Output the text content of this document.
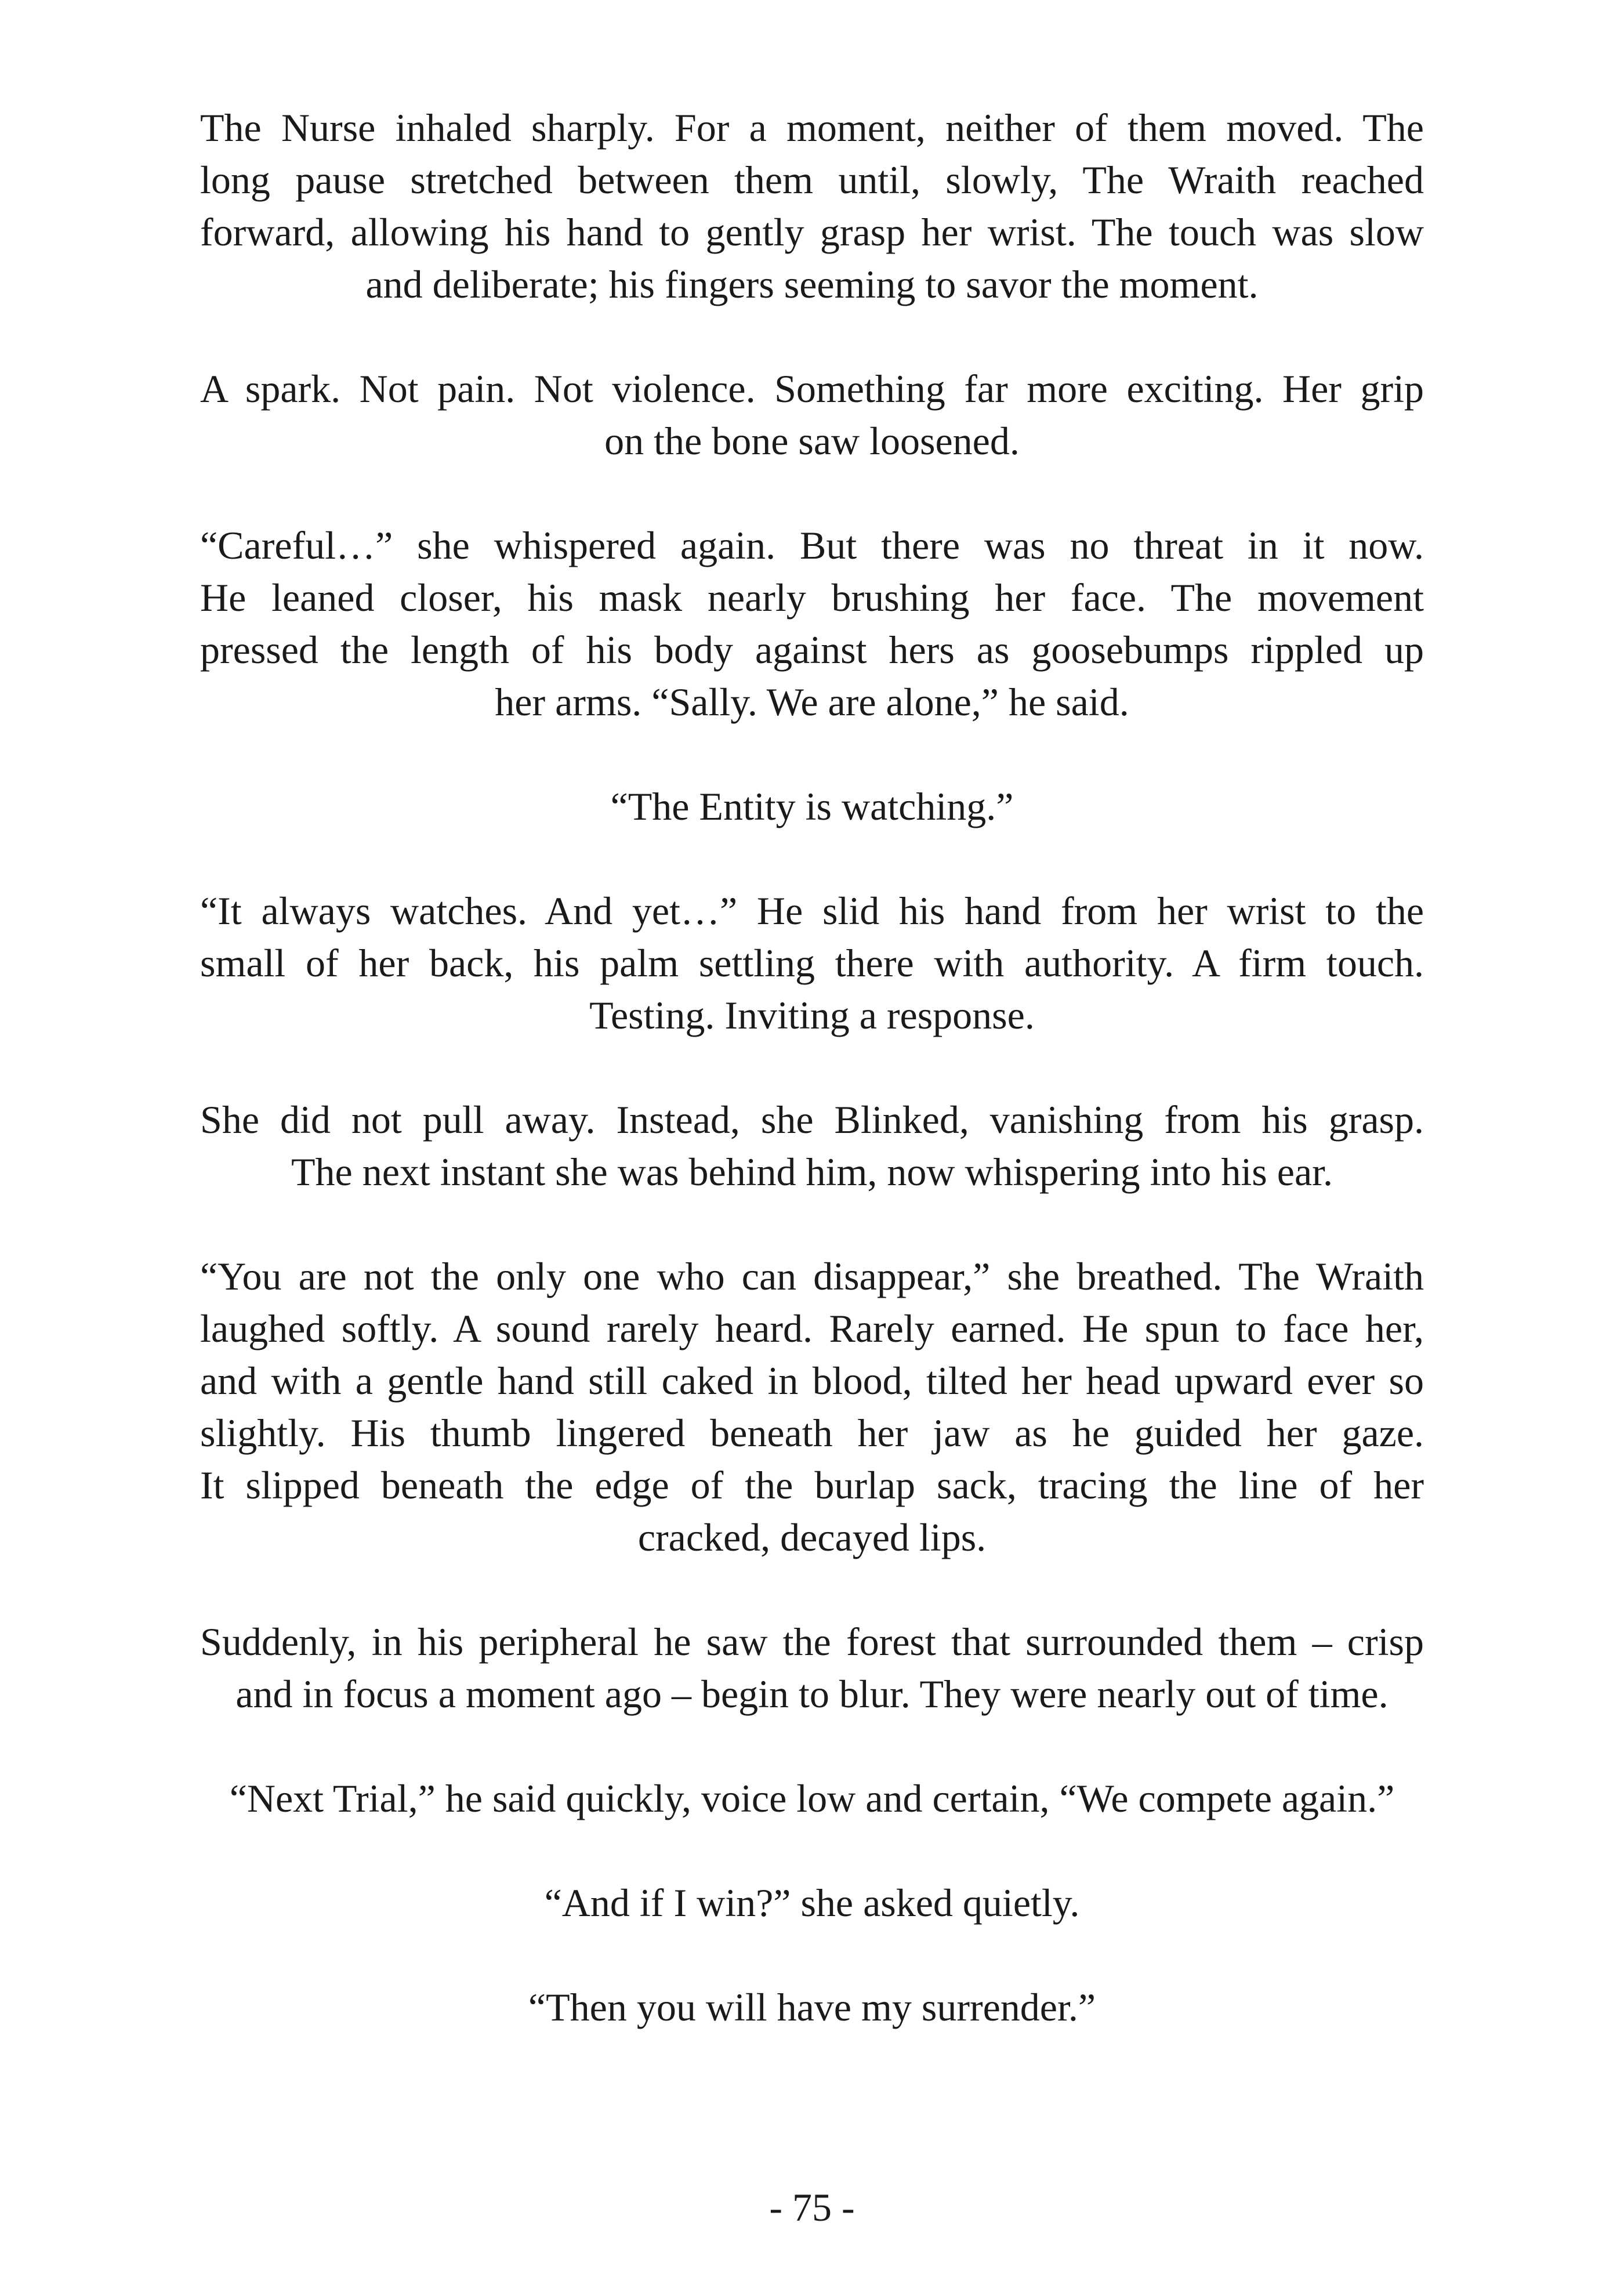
The Nurse inhaled sharply. For a moment, neither of them moved. The
long pause stretched between them until, slowly, The Wraith reached
forward, allowing his hand to gently grasp her wrist. The touch was slow
and deliberate; his fingers seeming to savor the moment.
A spark. Not pain. Not violence. Something far more exciting. Her grip
on the bone saw loosened.
“Careful…” she whispered again. But there was no threat in it now.
He leaned closer, his mask nearly brushing her face. The movement
pressed the length of his body against hers as goosebumps rippled up
her arms. “Sally. We are alone,” he said.
“The Entity is watching.”
“It always watches. And yet…” He slid his hand from her wrist to the
small of her back, his palm settling there with authority. A firm touch.
Testing. Inviting a response.
She did not pull away. Instead, she Blinked, vanishing from his grasp.
The next instant she was behind him, now whispering into his ear.
“You are not the only one who can disappear,” she breathed. The Wraith
laughed softly. A sound rarely heard. Rarely earned. He spun to face her,
and with a gentle hand still caked in blood, tilted her head upward ever so
slightly. His thumb lingered beneath her jaw as he guided her gaze.
It slipped beneath the edge of the burlap sack, tracing the line of her
cracked, decayed lips.
Suddenly, in his peripheral he saw the forest that surrounded them – crisp
and in focus a moment ago – begin to blur. They were nearly out of time.
“Next Trial,” he said quickly, voice low and certain, “We compete again.”
“And if I win?” she asked quietly.
“Then you will have my surrender.”
- 75 -
